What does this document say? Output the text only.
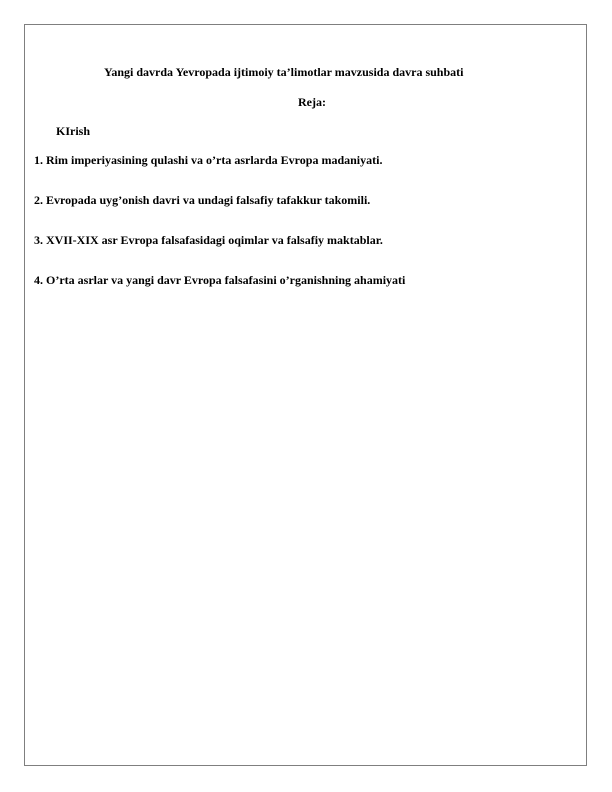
Yangi davrda Yevropada ijtimoiy ta’limotlar mavzusida davra suhbati
Reja:
KIrish
1. Rim imperiyasining qulashi va o’rta asrlarda Evropa madaniyati.
2. Evropada uyg’onish davri va undagi falsafiy tafakkur takomili.
3. XVII-XIX asr Evropa falsafasidagi oqimlar va falsafiy maktablar.
4. O’rta asrlar va yangi davr Evropa falsafasini o’rganishning ahamiyati
